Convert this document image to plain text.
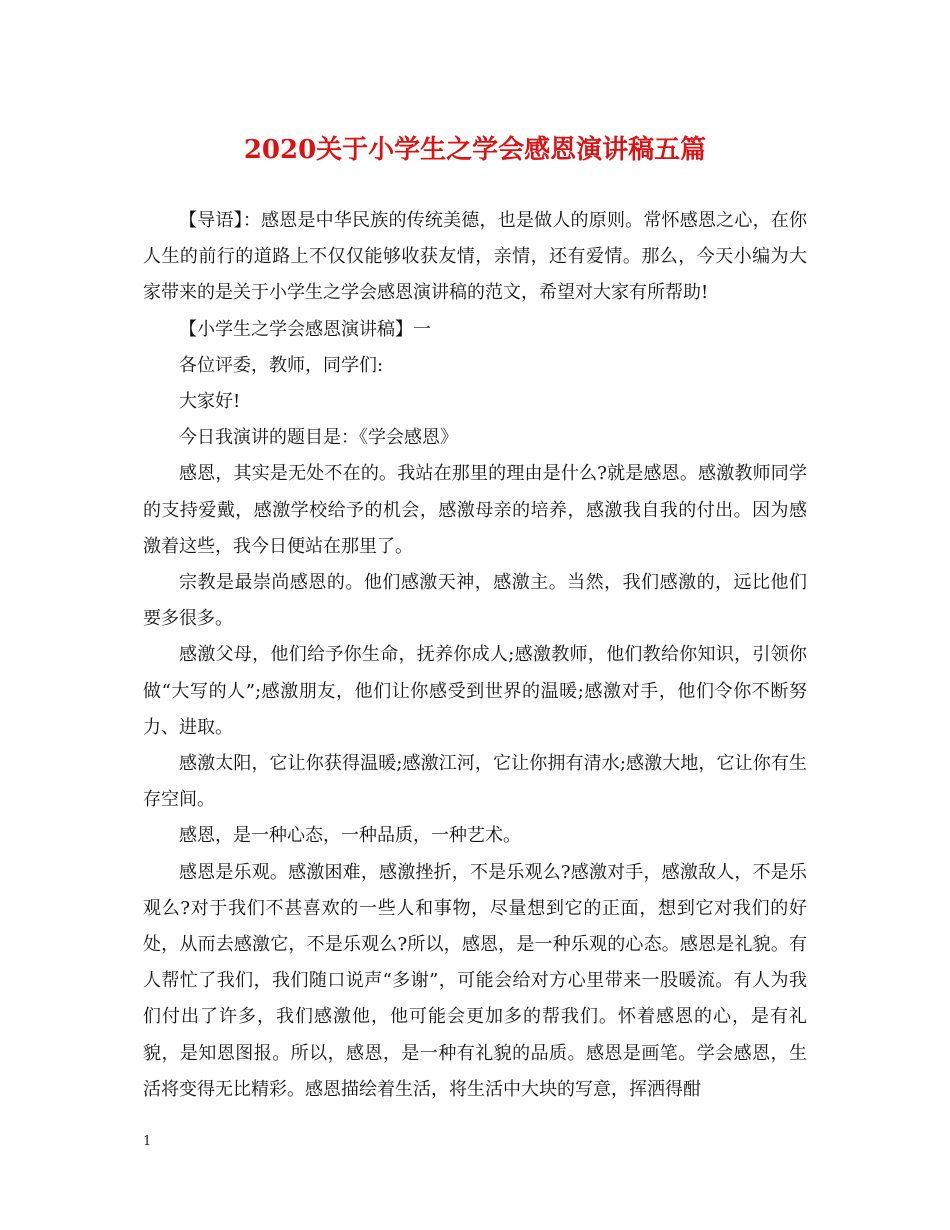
2020关于小学生之学会感恩演讲稿五篇

【导语】：感恩是中华民族的传统美德，也是做人的原则。常怀感恩之心，在你人生的前行的道路上不仅仅能够收获友情，亲情，还有爱情。那么，今天小编为大家带来的是关于小学生之学会感恩演讲稿的范文，希望对大家有所帮助!

【小学生之学会感恩演讲稿】一

各位评委，教师，同学们:

大家好!

今日我演讲的题目是：《学会感恩》

感恩，其实是无处不在的。我站在那里的理由是什么?就是感恩。感激教师同学的支持爱戴，感激学校给予的机会，感激母亲的培养，感激我自我的付出。因为感激着这些，我今日便站在那里了。

宗教是最崇尚感恩的。他们感激天神，感激主。当然，我们感激的，远比他们要多很多。

感激父母，他们给予你生命，抚养你成人;感激教师，他们教给你知识，引领你做“大写的人”;感激朋友，他们让你感受到世界的温暖;感激对手，他们令你不断努力、进取。

感激太阳，它让你获得温暖;感激江河，它让你拥有清水;感激大地，它让你有生存空间。

感恩，是一种心态，一种品质，一种艺术。

感恩是乐观。感激困难，感激挫折，不是乐观么?感激对手，感激敌人，不是乐观么?对于我们不甚喜欢的一些人和事物，尽量想到它的正面，想到它对我们的好处，从而去感激它，不是乐观么?所以，感恩，是一种乐观的心态。感恩是礼貌。有人帮忙了我们，我们随口说声“多谢”，可能会给对方心里带来一股暖流。有人为我们付出了许多，我们感激他，他可能会更加多的帮我们。怀着感恩的心，是有礼貌，是知恩图报。所以，感恩，是一种有礼貌的品质。感恩是画笔。学会感恩，生活将变得无比精彩。感恩描绘着生活，将生活中大块的写意，挥洒得酣

1
